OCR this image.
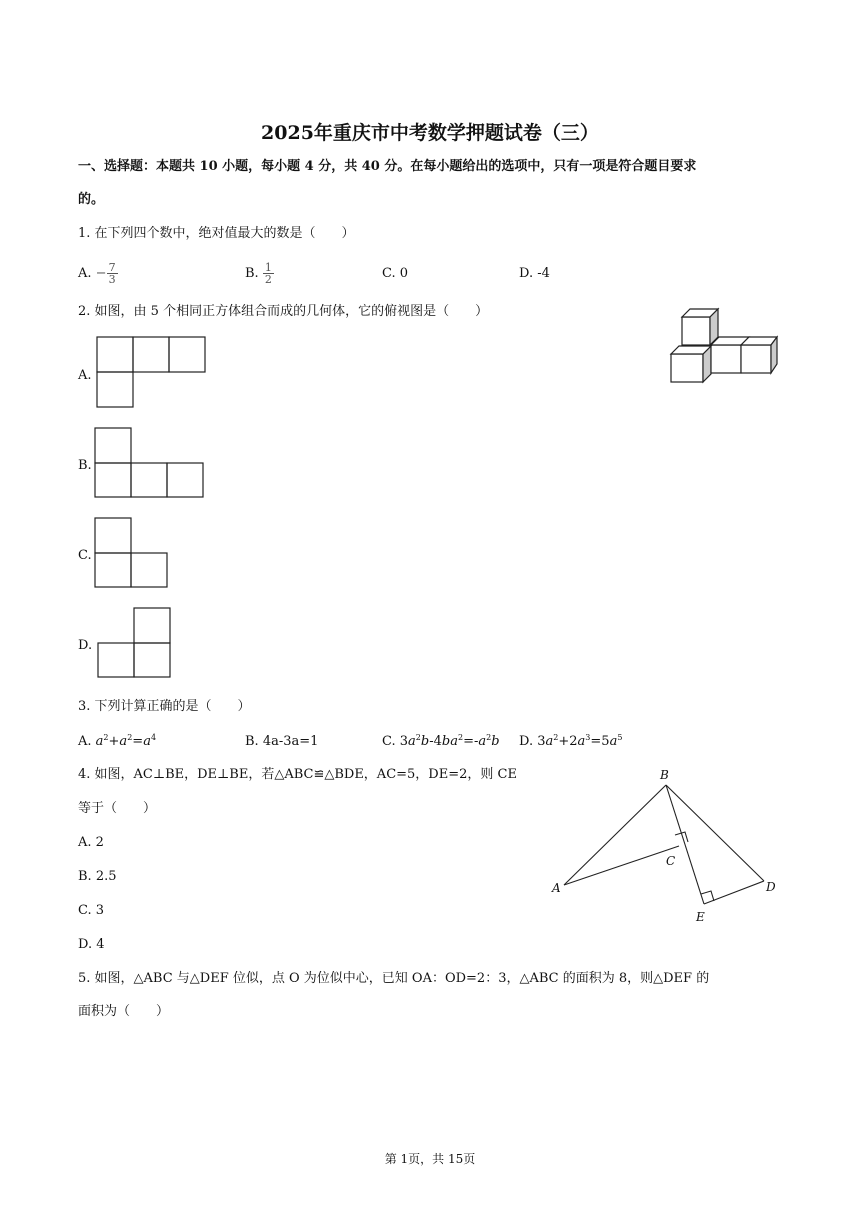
2025年重庆市中考数学押题试卷（三）
一、选择题：本题共 10 小题，每小题 4 分，共 40 分。在每小题给出的选项中，只有一项是符合题目要求
的。
1. 在下列四个数中，绝对值最大的数是（　　）
A. − $\frac{7}{3}$	B. $\frac{1}{2}$	C. 0	D. -4
2. 如图，由 5 个相同正方体组合而成的几何体，它的俯视图是（　　）
A.
B.
C.
D.
3. 下列计算正确的是（　　）
A. $a^2+a^2=a^4$	B. 4a-3a=1	C. $3a^2b-4ba^2=-a^2b$ D. $3a^2+2a^3=5a^5$
4. 如图，AC⊥BE，DE⊥BE，若△ABC≌△BDE，AC=5，DE=2，则 CE
等于（　　）
A. 2
B. 2.5
C. 3
D. 4
B
C
A
E
D
5. 如图，△ABC 与△DEF 位似，点 O 为位似中心，已知 OA：OD=2：3，△ABC 的面积为 8，则△DEF 的
面积为（　　）
第 1页，共 15页
